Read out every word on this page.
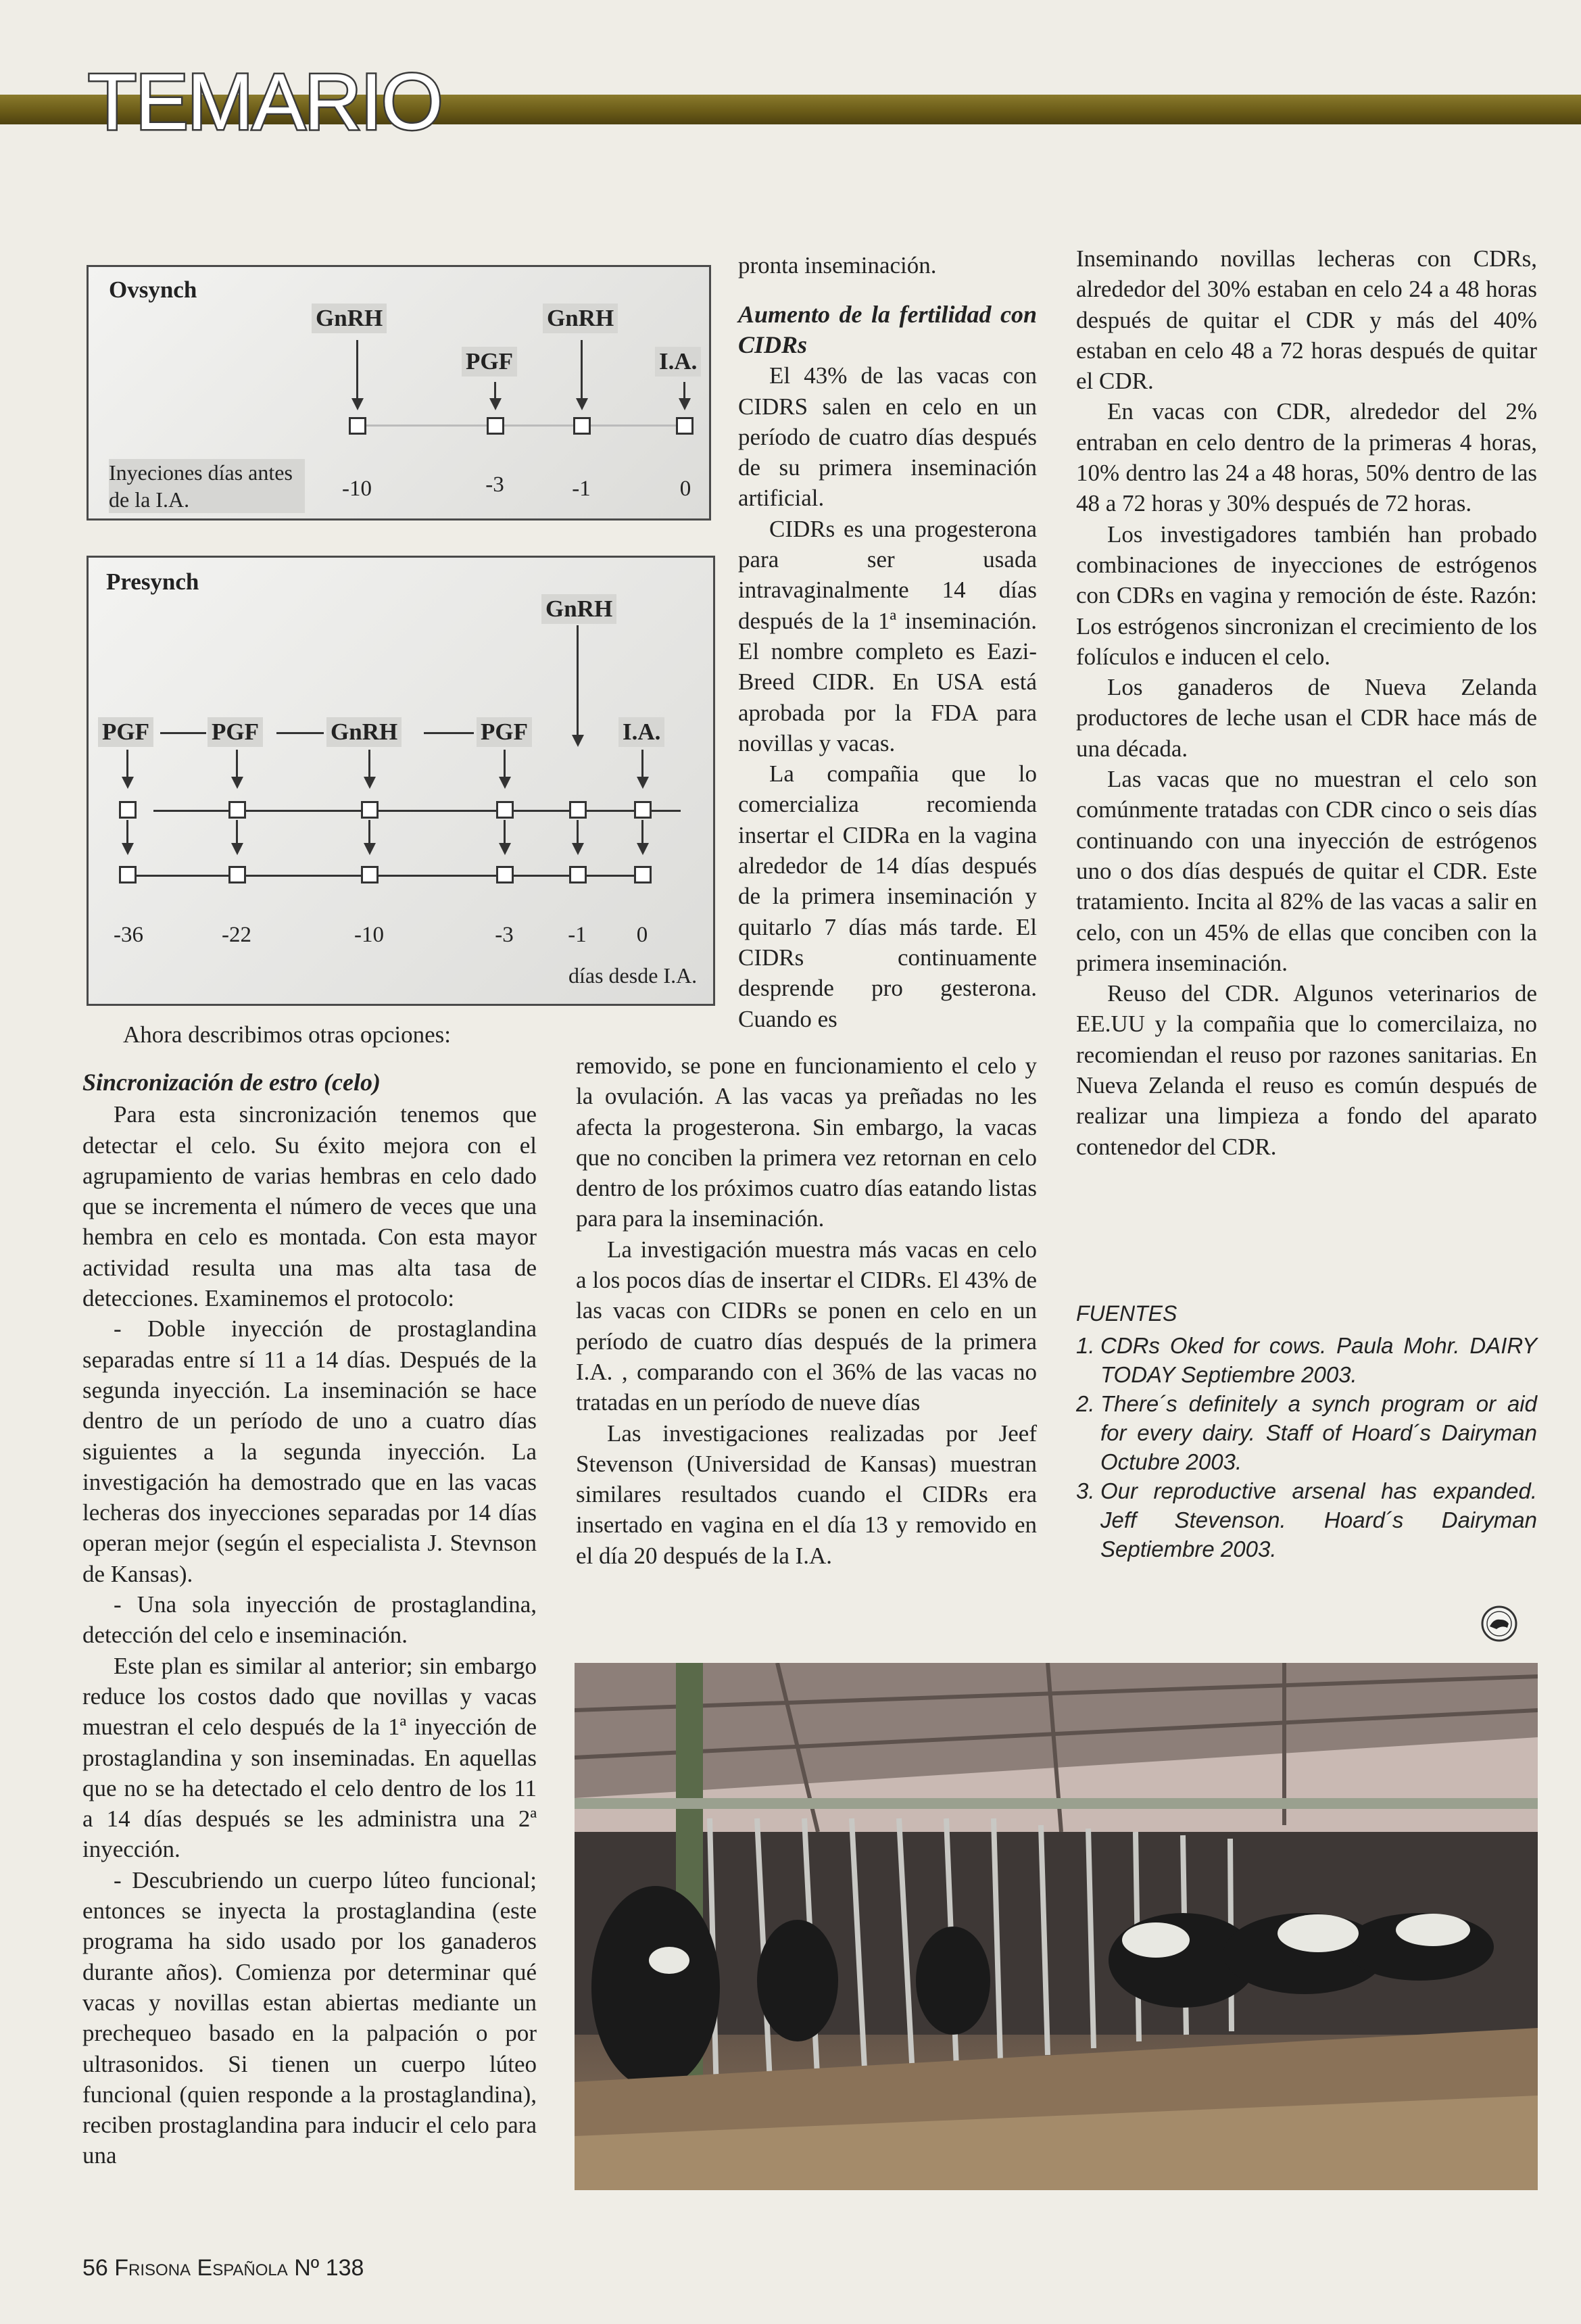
TEMARIO
Ovsynch
GnRH
PGF
GnRH
I.A.
Inyeciones días antes de la I.A.	-10	-3	-1	0
Presynch
GnRH
PGF	PGF	GnRH	PGF	I.A.
-36	-22	-10	-3	-1	0
días desde I.A.

Ahora describimos otras opciones:

Sincronización de estro (celo)

Para esta sincronización tenemos que detectar el celo. Su éxito mejora con el agrupamiento de varias hembras en celo dado que se incrementa el número de veces que una hembra en celo es montada. Con esta mayor actividad resulta una mas alta tasa de detecciones. Examinemos el protocolo:

- Doble inyección de prostaglandina separadas entre sí 11 a 14 días. Después de la segunda inyección. La inseminación se hace dentro de un período de uno a cuatro días siguientes a la segunda inyección. La investigación ha demostrado que en las vacas lecheras dos inyecciones separadas por 14 días operan mejor (según el especialista J. Stevnson de Kansas).

- Una sola inyección de prostaglandina, detección del celo e inseminación.

Este plan es similar al anterior; sin embargo reduce los costos dado que novillas y vacas muestran el celo después de la 1ª inyección de prostaglandina y son inseminadas. En aquellas que no se ha detectado el celo dentro de los 11 a 14 días después se les administra una 2ª inyección.

- Descubriendo un cuerpo lúteo funcional; entonces se inyecta la prostaglandina (este programa ha sido usado por los ganaderos durante años). Comienza por determinar qué vacas y novillas estan abiertas mediante un prechequeo basado en la palpación o por ultrasonidos. Si tienen un cuerpo lúteo funcional (quien responde a la prostaglandina), reciben prostaglandina para inducir el celo para una

pronta inseminación.

Aumento de la fertilidad con CIDRs

El 43% de las vacas con CIDRS salen en celo en un período de cuatro días después de su primera inseminación artificial.

CIDRs es una progesterona para ser usada intravaginalmente 14 días después de la 1ª inseminación. El nombre completo es Eazi-Breed CIDR. En USA está aprobada por la FDA para novillas y vacas.

La compañia que lo comercializa recomienda insertar el CIDRa en la vagina alrededor de 14 días después de la primera inseminación y quitarlo 7 días más tarde. El CIDRs continuamente desprende pro gesterona. Cuando es

removido, se pone en funcionamiento el celo y la ovulación. A las vacas ya preñadas no les afecta la progesterona. Sin embargo, la vacas que no conciben la primera vez retornan en celo dentro de los próximos cuatro días eatando listas para para la inseminación.

La investigación muestra más vacas en celo a los pocos días de insertar el CIDRs. El 43% de las vacas con CIDRs se ponen en celo en un período de cuatro días después de la primera I.A. , comparando con el 36% de las vacas no tratadas en un período de nueve días

Las investigaciones realizadas por Jeef Stevenson (Universidad de Kansas) muestran similares resultados cuando el CIDRs era insertado en vagina en el día 13 y removido en el día 20 después de la I.A.

Inseminando novillas lecheras con CDRs, alrededor del 30% estaban en celo 24 a 48 horas después de quitar el CDR y más del 40% estaban en celo 48 a 72 horas después de quitar el CDR.

En vacas con CDR, alrededor del 2% entraban en celo dentro de la primeras 4 horas, 10% dentro las 24 a 48 horas, 50% dentro de las 48 a 72 horas y 30% después de 72 horas.

Los investigadores también han probado combinaciones de inyecciones de estrógenos con CDRs en vagina y remoción de éste. Razón: Los estrógenos sincronizan el crecimiento de los folículos e inducen el celo.

Los ganaderos de Nueva Zelanda productores de leche usan el CDR hace más de una década.

Las vacas que no muestran el celo son comúnmente tratadas con CDR cinco o seis días continuando con una inyección de estrógenos uno o dos días después de quitar el CDR. Este tratamiento. Incita al 82% de las vacas a salir en celo, con un 45% de ellas que conciben con la primera inseminación.

Reuso del CDR. Algunos veterinarios de EE.UU y la compañia que lo comercilaiza, no recomiendan el reuso por razones sanitarias. En Nueva Zelanda el reuso es común después de realizar una limpieza a fondo del aparato contenedor del CDR.

FUENTES
1. CDRs Oked for cows. Paula Mohr. DAIRY TODAY Septiembre 2003.
2. There´s definitely a synch program or aid for every dairy. Staff of Hoard´s Dairyman Octubre 2003.
3. Our reproductive arsenal has expanded. Jeff Stevenson. Hoard´s Dairyman Septiembre 2003.
56 Frisona Española Nº 138
